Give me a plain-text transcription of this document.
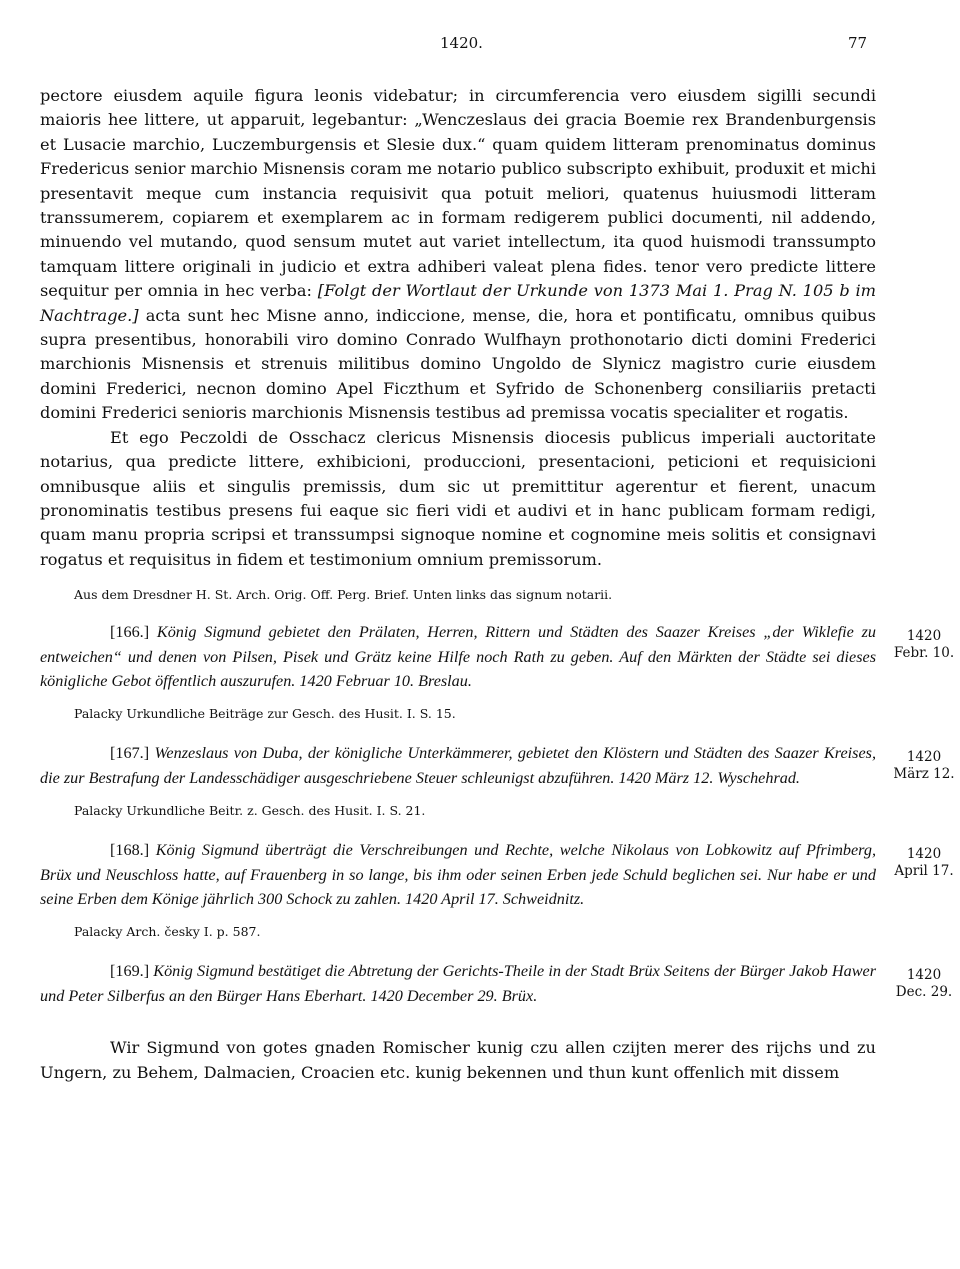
1420.	77

pectore eiusdem aquile figura leonis videbatur; in circumferencia vero eiusdem sigilli secundi maioris hee littere, ut apparuit, legebantur: „Wenczeslaus dei gracia Boemie rex Brandenburgensis et Lusacie marchio, Luczemburgensis et Slesie dux.“ quam quidem litteram prenominatus dominus Fredericus senior marchio Misnensis coram me notario publico subscripto exhibuit, produxit et michi presentavit meque cum instancia requisivit qua potuit meliori, quatenus huiusmodi litteram transsumerem, copiarem et exemplarem ac in formam redigerem publici documenti, nil addendo, minuendo vel mutando, quod sensum mutet aut variet intellectum, ita quod huismodi transsumpto tamquam littere originali in judicio et extra adhiberi valeat plena fides. tenor vero predicte littere sequitur per omnia in hec verba: [Folgt der Wortlaut der Urkunde von 1373 Mai 1. Prag N. 105 b im Nachtrage.] acta sunt hec Misne anno, indiccione, mense, die, hora et pontificatu, omnibus quibus supra presentibus, honorabili viro domino Conrado Wulfhayn prothonotario dicti domini Frederici marchionis Misnensis et strenuis militibus domino Ungoldo de Slynicz magistro curie eiusdem domini Frederici, necnon domino Apel Ficzthum et Syfrido de Schonenberg consiliariis pretacti domini Frederici senioris marchionis Misnensis testibus ad premissa vocatis specialiter et rogatis.

Et ego Peczoldi de Osschacz clericus Misnensis diocesis publicus imperiali auctoritate notarius, qua predicte littere, exhibicioni, produccioni, presentacioni, peticioni et requisicioni omnibusque aliis et singulis premissis, dum sic ut premittitur agerentur et fierent, unacum pronominatis testibus presens fui eaque sic fieri vidi et audivi et in hanc publicam formam redigi, quam manu propria scripsi et transsumpsi signoque nomine et cognomine meis solitis et consignavi rogatus et requisitus in fidem et testimonium omnium premissorum.

Aus dem Dresdner H. St. Arch. Orig. Off. Perg. Brief. Unten links das signum notarii.
1420
Febr. 10.

[166.] König Sigmund gebietet den Prälaten, Herren, Rittern und Städten des Saazer Kreises „der Wiklefie zu entweichen“ und denen von Pilsen, Pisek und Grätz keine Hilfe noch Rath zu geben. Auf den Märkten der Städte sei dieses königliche Gebot öffentlich auszurufen. 1420 Februar 10. Breslau.

Palacky Urkundliche Beiträge zur Gesch. des Husit. I. S. 15.
1420
März 12.

[167.] Wenzeslaus von Duba, der königliche Unterkämmerer, gebietet den Klöstern und Städten des Saazer Kreises, die zur Bestrafung der Landesschädiger ausgeschriebene Steuer schleunigst abzuführen. 1420 März 12. Wyschehrad.

Palacky Urkundliche Beitr. z. Gesch. des Husit. I. S. 21.
1420
April 17.

[168.] König Sigmund überträgt die Verschreibungen und Rechte, welche Nikolaus von Lobkowitz auf Pfrimberg, Brüx und Neuschloss hatte, auf Frauenberg in so lange, bis ihm oder seinen Erben jede Schuld beglichen sei. Nur habe er und seine Erben dem Könige jährlich 300 Schock zu zahlen. 1420 April 17. Schweidnitz.

Palacky Arch. česky I. p. 587.
1420
Dec. 29.

[169.] König Sigmund bestätiget die Abtretung der Gerichts-Theile in der Stadt Brüx Seitens der Bürger Jakob Hawer und Peter Silberfus an den Bürger Hans Eberhart. 1420 December 29. Brüx.

Wir Sigmund von gotes gnaden Romischer kunig czu allen czijten merer des rijchs und zu Ungern, zu Behem, Dalmacien, Croacien etc. kunig bekennen und thun kunt offenlich mit dissem
